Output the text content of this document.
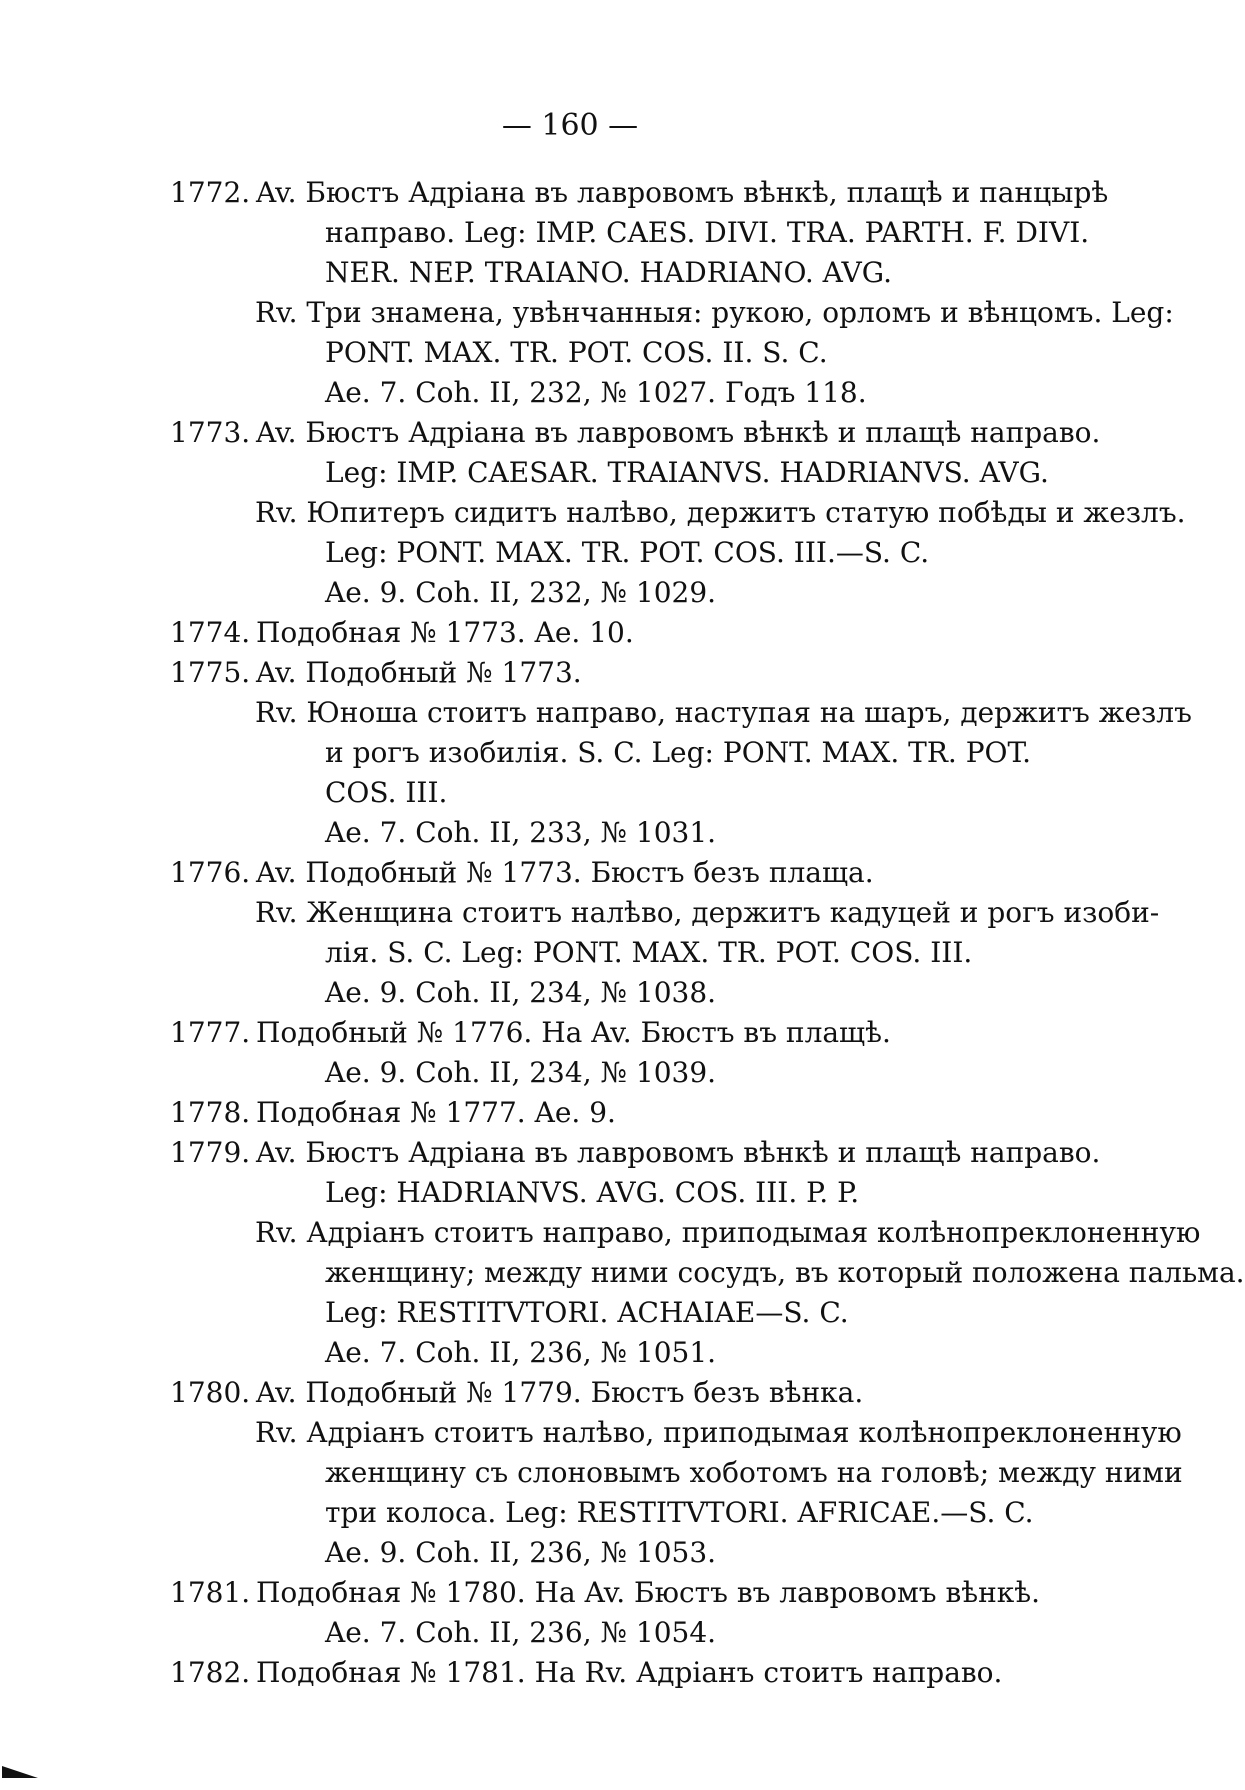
— 160 —
1772. Av. Бюстъ Адріана въ лавровомъ вѣнкѣ, плащѣ и панцырѣ
направо. Leg: IMP. CAES. DIVI. TRA. PARTH. F. DIVI.
NER. NEP. TRAIANO. HADRIANO. AVG.
Rv. Три знамена, увѣнчанныя: рукою, орломъ и вѣнцомъ. Leg:
PONT. MAX. TR. POT. COS. II. S. C.
Ae. 7. Coh. II, 232, № 1027. Годъ 118.
1773. Av. Бюстъ Адріана въ лавровомъ вѣнкѣ и плащѣ направо.
Leg: IMP. CAESAR. TRAIANVS. HADRIANVS. AVG.
Rv. Юпитеръ сидитъ налѣво, держитъ статую побѣды и жезлъ.
Leg: PONT. MAX. TR. POT. COS. III.—S. C.
Ae. 9. Coh. II, 232, № 1029.
1774. Подобная № 1773. Ae. 10.
1775. Av. Подобный № 1773.
Rv. Юноша стоитъ направо, наступая на шаръ, держитъ жезлъ
и рогъ изобилія. S. C. Leg: PONT. MAX. TR. POT.
COS. III.
Ae. 7. Coh. II, 233, № 1031.
1776. Av. Подобный № 1773. Бюстъ безъ плаща.
Rv. Женщина стоитъ налѣво, держитъ кадуцей и рогъ изоби-
лія. S. C. Leg: PONT. MAX. TR. POT. COS. III.
Ae. 9. Coh. II, 234, № 1038.
1777. Подобный № 1776. На Av. Бюстъ въ плащѣ.
Ae. 9. Coh. II, 234, № 1039.
1778. Подобная № 1777. Ae. 9.
1779. Av. Бюстъ Адріана въ лавровомъ вѣнкѣ и плащѣ направо.
Leg: HADRIANVS. AVG. COS. III. P. P.
Rv. Адріанъ стоитъ направо, приподымая колѣнопреклоненную
женщину; между ними сосудъ, въ который положена пальма.
Leg: RESTITVTORI. ACHAIAE—S. C.
Ae. 7. Coh. II, 236, № 1051.
1780. Av. Подобный № 1779. Бюстъ безъ вѣнка.
Rv. Адріанъ стоитъ налѣво, приподымая колѣнопреклоненную
женщину съ слоновымъ хоботомъ на головѣ; между ними
три колоса. Leg: RESTITVTORI. AFRICAE.—S. C.
Ae. 9. Coh. II, 236, № 1053.
1781. Подобная № 1780. На Av. Бюстъ въ лавровомъ вѣнкѣ.
Ae. 7. Coh. II, 236, № 1054.
1782. Подобная № 1781. На Rv. Адріанъ стоитъ направо.
